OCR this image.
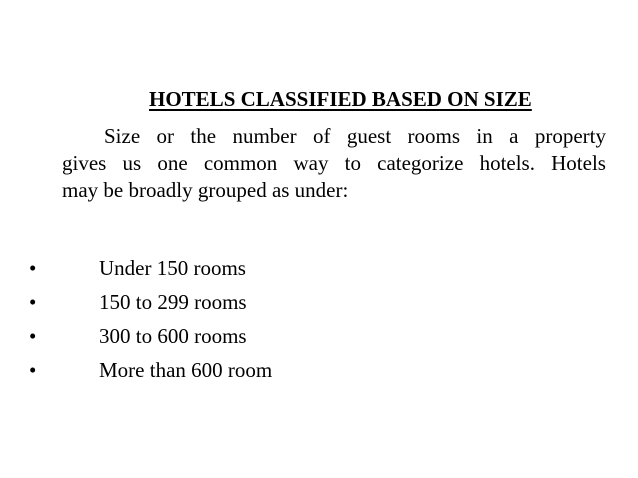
HOTELS CLASSIFIED BASED ON SIZE
Size or the number of guest rooms in a property
gives us one common way to categorize hotels. Hotels
may be broadly grouped as under:
•	Under 150 rooms
•	150 to 299 rooms
•	300 to 600 rooms
•	More than 600 room
